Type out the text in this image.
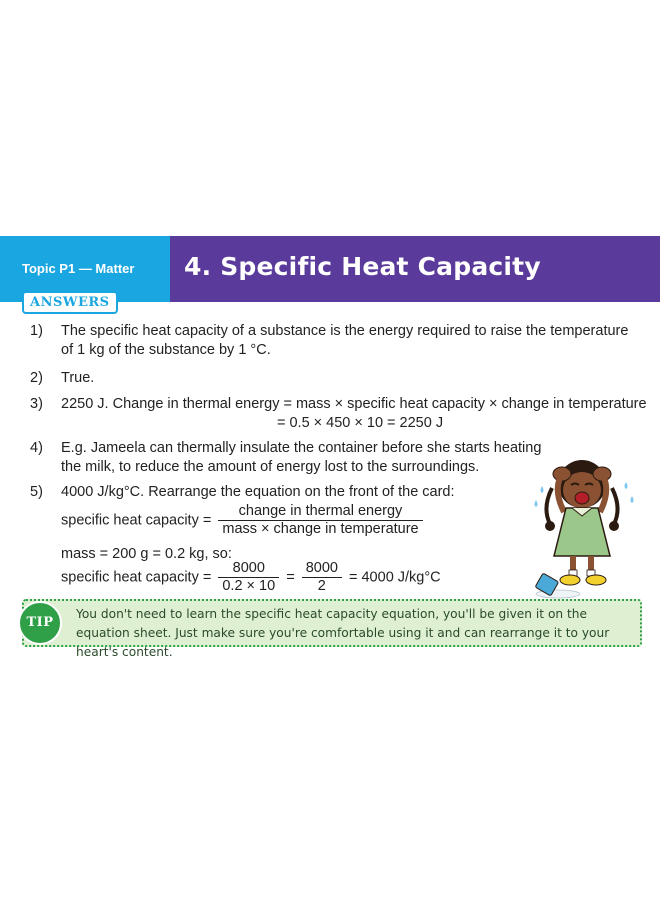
Topic P1 — Matter 4. Specific Heat Capacity
ANSWERS
1) The specific heat capacity of a substance is the energy required to raise the temperature
of 1 kg of the substance by 1 °C.
2) True.
3) 2250 J. Change in thermal energy = mass × specific heat capacity × change in temperature
= 0.5 × 450 × 10 = 2250 J
4) E.g. Jameela can thermally insulate the container before she starts heating
the milk, to reduce the amount of energy lost to the surroundings.
5) 4000 J/kg°C. Rearrange the equation on the front of the card:
specific heat capacity = $\frac{\text{change in thermal energy}}{\text{mass × change in temperature}}$
mass = 200 g = 0.2 kg, so:
specific heat capacity = $\frac{8000}{0.2 \times 10} = \frac{8000}{2} = 4000$ J/kg°C
TIP
You don't need to learn the specific heat capacity equation, you'll be given it on the equation sheet. Just make sure you're comfortable using it and can rearrange it to your heart's content.
